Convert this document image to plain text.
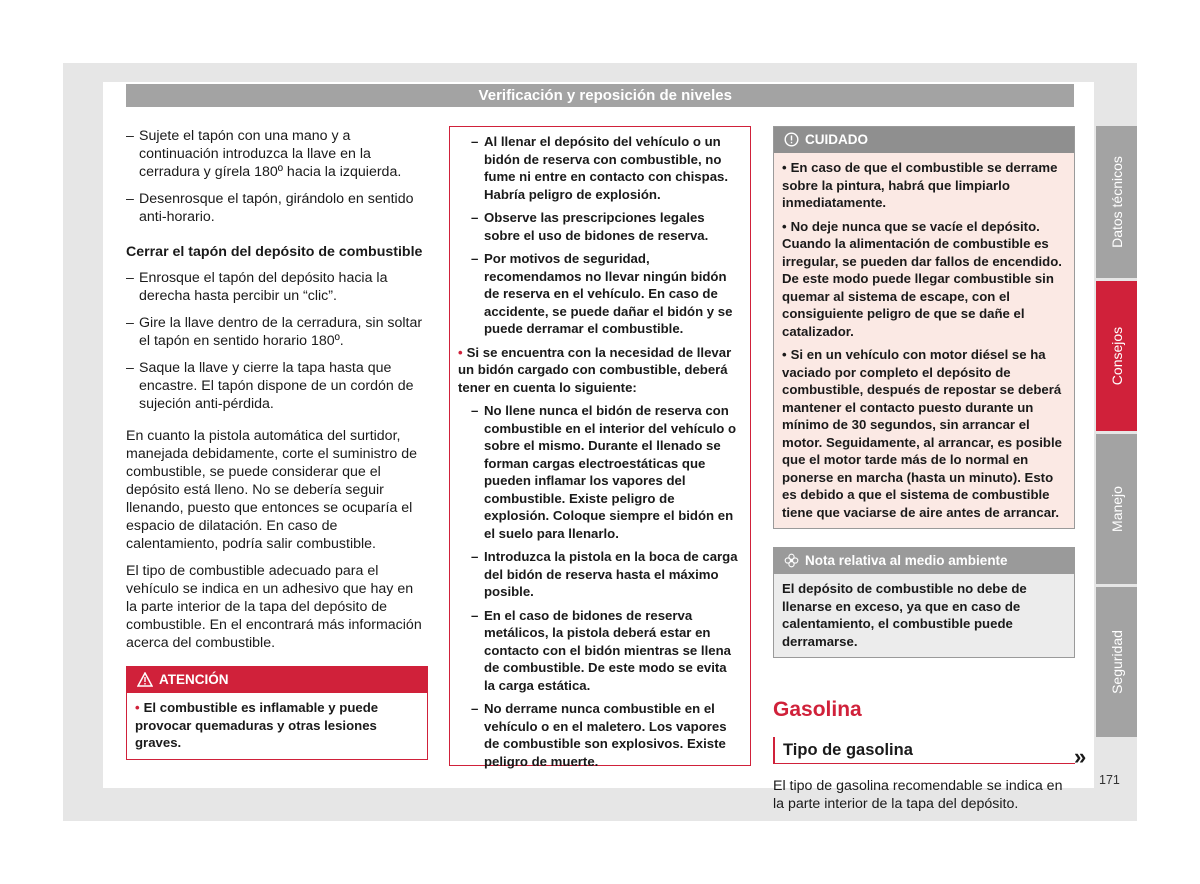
Verificación y reposición de niveles
– Sujete el tapón con una mano y a continuación introduzca la llave en la cerradura y gírela 180º hacia la izquierda.
– Desenrosque el tapón, girándolo en sentido anti-horario.
Cerrar el tapón del depósito de combustible
– Enrosque el tapón del depósito hacia la derecha hasta percibir un “clic”.
– Gire la llave dentro de la cerradura, sin soltar el tapón en sentido horario 180º.
– Saque la llave y cierre la tapa hasta que encastre. El tapón dispone de un cordón de sujeción anti-pérdida.

En cuanto la pistola automática del surtidor, manejada debidamente, corte el suministro de combustible, se puede considerar que el depósito está lleno. No se debería seguir llenando, puesto que entonces se ocuparía el espacio de dilatación. En caso de calentamiento, podría salir combustible.

El tipo de combustible adecuado para el vehículo se indica en un adhesivo que hay en la parte interior de la tapa del depósito de combustible. En el encontrará más información acerca del combustible.

ATENCIÓN
• El combustible es inflamable y puede provocar quemaduras y otras lesiones graves.
– Al llenar el depósito del vehículo o un bidón de reserva con combustible, no fume ni entre en contacto con chispas. Habría peligro de explosión.
– Observe las prescripciones legales sobre el uso de bidones de reserva.
– Por motivos de seguridad, recomendamos no llevar ningún bidón de reserva en el vehículo. En caso de accidente, se puede dañar el bidón y se puede derramar el combustible.
• Si se encuentra con la necesidad de llevar un bidón cargado con combustible, deberá tener en cuenta lo siguiente:
– No llene nunca el bidón de reserva con combustible en el interior del vehículo o sobre el mismo. Durante el llenado se forman cargas electroestáticas que pueden inflamar los vapores del combustible. Existe peligro de explosión. Coloque siempre el bidón en el suelo para llenarlo.
– Introduzca la pistola en la boca de carga del bidón de reserva hasta el máximo posible.
– En el caso de bidones de reserva metálicos, la pistola deberá estar en contacto con el bidón mientras se llena de combustible. De este modo se evita la carga estática.
– No derrame nunca combustible en el vehículo o en el maletero. Los vapores de combustible son explosivos. Existe peligro de muerte.
CUIDADO

• En caso de que el combustible se derrame sobre la pintura, habrá que limpiarlo inmediatamente.

• No deje nunca que se vacíe el depósito. Cuando la alimentación de combustible es irregular, se pueden dar fallos de encendido. De este modo puede llegar combustible sin quemar al sistema de escape, con el consiguiente peligro de que se dañe el catalizador.

• Si en un vehículo con motor diésel se ha vaciado por completo el depósito de combustible, después de repostar se deberá mantener el contacto puesto durante un mínimo de 30 segundos, sin arrancar el motor. Seguidamente, al arrancar, es posible que el motor tarde más de lo normal en ponerse en marcha (hasta un minuto). Esto es debido a que el sistema de combustible tiene que vaciarse de aire antes de arrancar.

Nota relativa al medio ambiente
El depósito de combustible no debe de llenarse en exceso, ya que en caso de calentamiento, el combustible puede derramarse.
Gasolina
Tipo de gasolina

El tipo de gasolina recomendable se indica en la parte interior de la tapa del depósito.

»
Datos técnicos
Consejos
Manejo
Seguridad
171
